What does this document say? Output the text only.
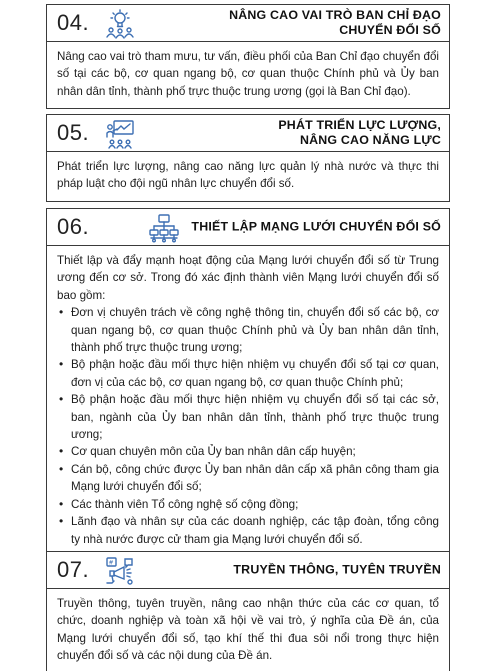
04.	NÂNG CAO VAI TRÒ BAN CHỈ ĐẠO
CHUYỂN ĐỔI SỐ

Nâng cao vai trò tham mưu, tư vấn, điều phối của Ban Chỉ đạo chuyển đổi số tại các bộ, cơ quan ngang bộ, cơ quan thuộc Chính phủ và Ủy ban nhân dân tỉnh, thành phố trực thuộc trung ương (gọi là Ban Chỉ đạo).

05.	PHÁT TRIỂN LỰC LƯỢNG,
NÂNG CAO NĂNG LỰC

Phát triển lực lượng, nâng cao năng lực quản lý nhà nước và thực thi pháp luật cho đội ngũ nhân lực chuyển đổi số.

06.	THIẾT LẬP MẠNG LƯỚI CHUYỂN ĐỔI SỐ

Thiết lập và đẩy mạnh hoạt động của Mạng lưới chuyển đổi số từ Trung ương đến cơ sở. Trong đó xác định thành viên Mạng lưới chuyển đổi số bao gồm:

• Đơn vị chuyên trách về công nghệ thông tin, chuyển đổi số các bộ, cơ quan ngang bộ, cơ quan thuộc Chính phủ và Ủy ban nhân dân tỉnh, thành phố trực thuộc trung ương;
• Bộ phận hoặc đầu mối thực hiện nhiệm vụ chuyển đổi số tại cơ quan, đơn vị của các bộ, cơ quan ngang bộ, cơ quan thuộc Chính phủ;
• Bộ phận hoặc đầu mối thực hiện nhiệm vụ chuyển đổi số tại các sở, ban, ngành của Ủy ban nhân dân tỉnh, thành phố trực thuộc trung ương;
• Cơ quan chuyên môn của Ủy ban nhân dân cấp huyện;
• Cán bộ, công chức được Ủy ban nhân dân cấp xã phân công tham gia Mạng lưới chuyển đổi số;
• Các thành viên Tổ công nghệ số cộng đồng;
• Lãnh đạo và nhân sự của các doanh nghiệp, các tập đoàn, tổng công ty nhà nước được cử tham gia Mạng lưới chuyển đổi số.
07.	#	TRUYỀN THÔNG, TUYÊN TRUYỀN

Truyền thông, tuyên truyền, nâng cao nhận thức của các cơ quan, tổ chức, doanh nghiệp và toàn xã hội về vai trò, ý nghĩa của Đề án, của Mạng lưới chuyển đổi số, tạo khí thế thi đua sôi nổi trong thực hiện chuyển đổi số và các nội dung của Đề án.
